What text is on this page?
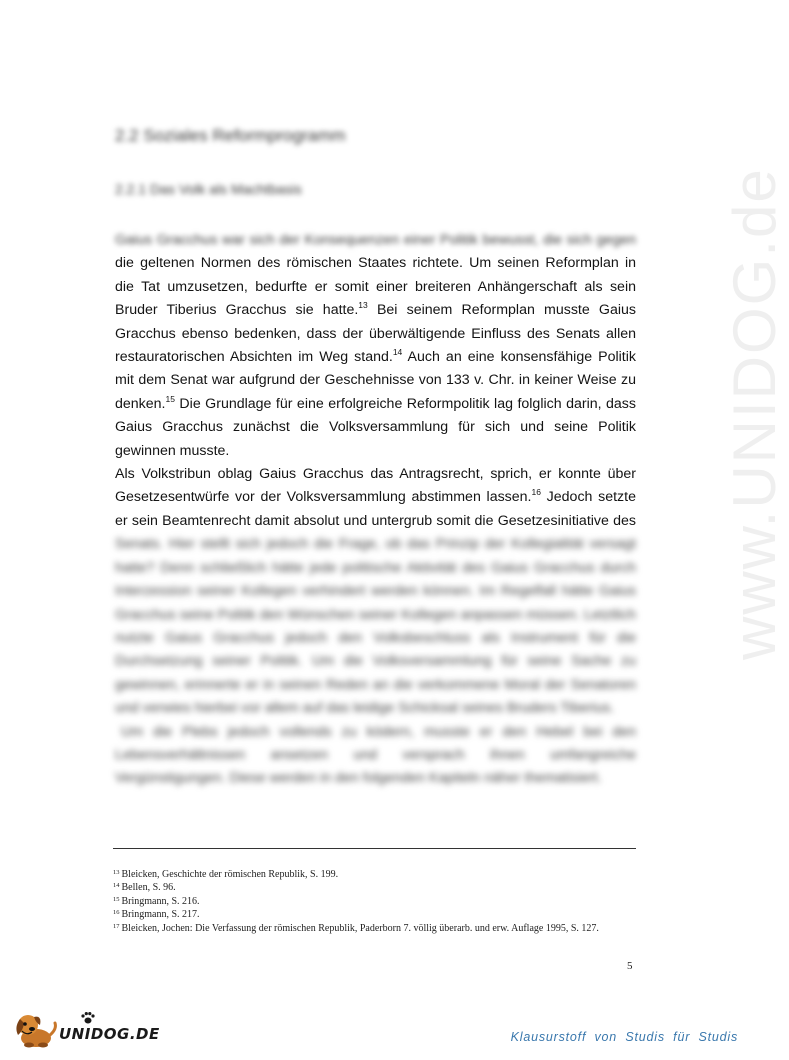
www.UNIDOG.de
2.2 Soziales Reformprogramm
2.2.1 Das Volk als Machtbasis

Gaius Gracchus war sich der Konsequenzen einer Politik bewusst, die sich gegen die geltenen Normen des römischen Staates richtete. Um seinen Reformplan in die Tat umzusetzen, bedurfte er somit einer breiteren Anhängerschaft als sein Bruder Tiberius Gracchus sie hatte.$^{13}$ Bei seinem Reformplan musste Gaius Gracchus ebenso bedenken, dass der überwältigende Einfluss des Senats allen restauratorischen Absichten im Weg stand.$^{14}$ Auch an eine konsensfähige Politik mit dem Senat war aufgrund der Geschehnisse von 133 v. Chr. in keiner Weise zu denken.$^{15}$ Die Grundlage für eine erfolgreiche Reformpolitik lag folglich darin, dass Gaius Gracchus zunächst die Volksversammlung für sich und seine Politik gewinnen musste.

Als Volkstribun oblag Gaius Gracchus das Antragsrecht, sprich, er konnte über Gesetzesentwürfe vor der Volksversammlung abstimmen lassen.$^{16}$ Jedoch setzte er sein Beamtenrecht damit absolut und untergrub somit die Gesetzesinitiative des Senats. Hier stellt sich jedoch die Frage, ob das Prinzip der Kollegialität versagt hatte? Denn schließlich hätte jede politische Aktivität des Gaius Gracchus durch Interzession seiner Kollegen verhindert werden können. Im Regelfall hätte Gaius Gracchus seine Politik den Wünschen seiner Kollegen anpassen müssen. Letztlich nutzte Gaius Gracchus jedoch den Volksbeschluss als Instrument für die Durchsetzung seiner Politik. Um die Volksversammlung für seine Sache zu gewinnen, erinnerte er in seinen Reden an die verkommene Moral der Senatoren und verwies hierbei vor allem auf das leidige Schicksal seines Bruders Tiberius.

Um die Plebs jedoch vollends zu ködern, musste er den Hebel bei den Lebensverhältnissen ansetzen und versprach ihnen umfangreiche Vergünstigungen. Diese werden in den folgenden Kapiteln näher thematisiert.

$^{13}$ Bleicken, Geschichte der römischen Republik, S. 199.
$^{14}$ Bellen, S. 96.
$^{15}$ Bringmann, S. 216.
$^{16}$ Bringmann, S. 217.
$^{17}$ Bleicken, Jochen: Die Verfassung der römischen Republik, Paderborn 7. völlig überarb. und erw. Auflage 1995, S. 127.
5
UNIDOG.DE	Klausurstoff von Studis für Studis
